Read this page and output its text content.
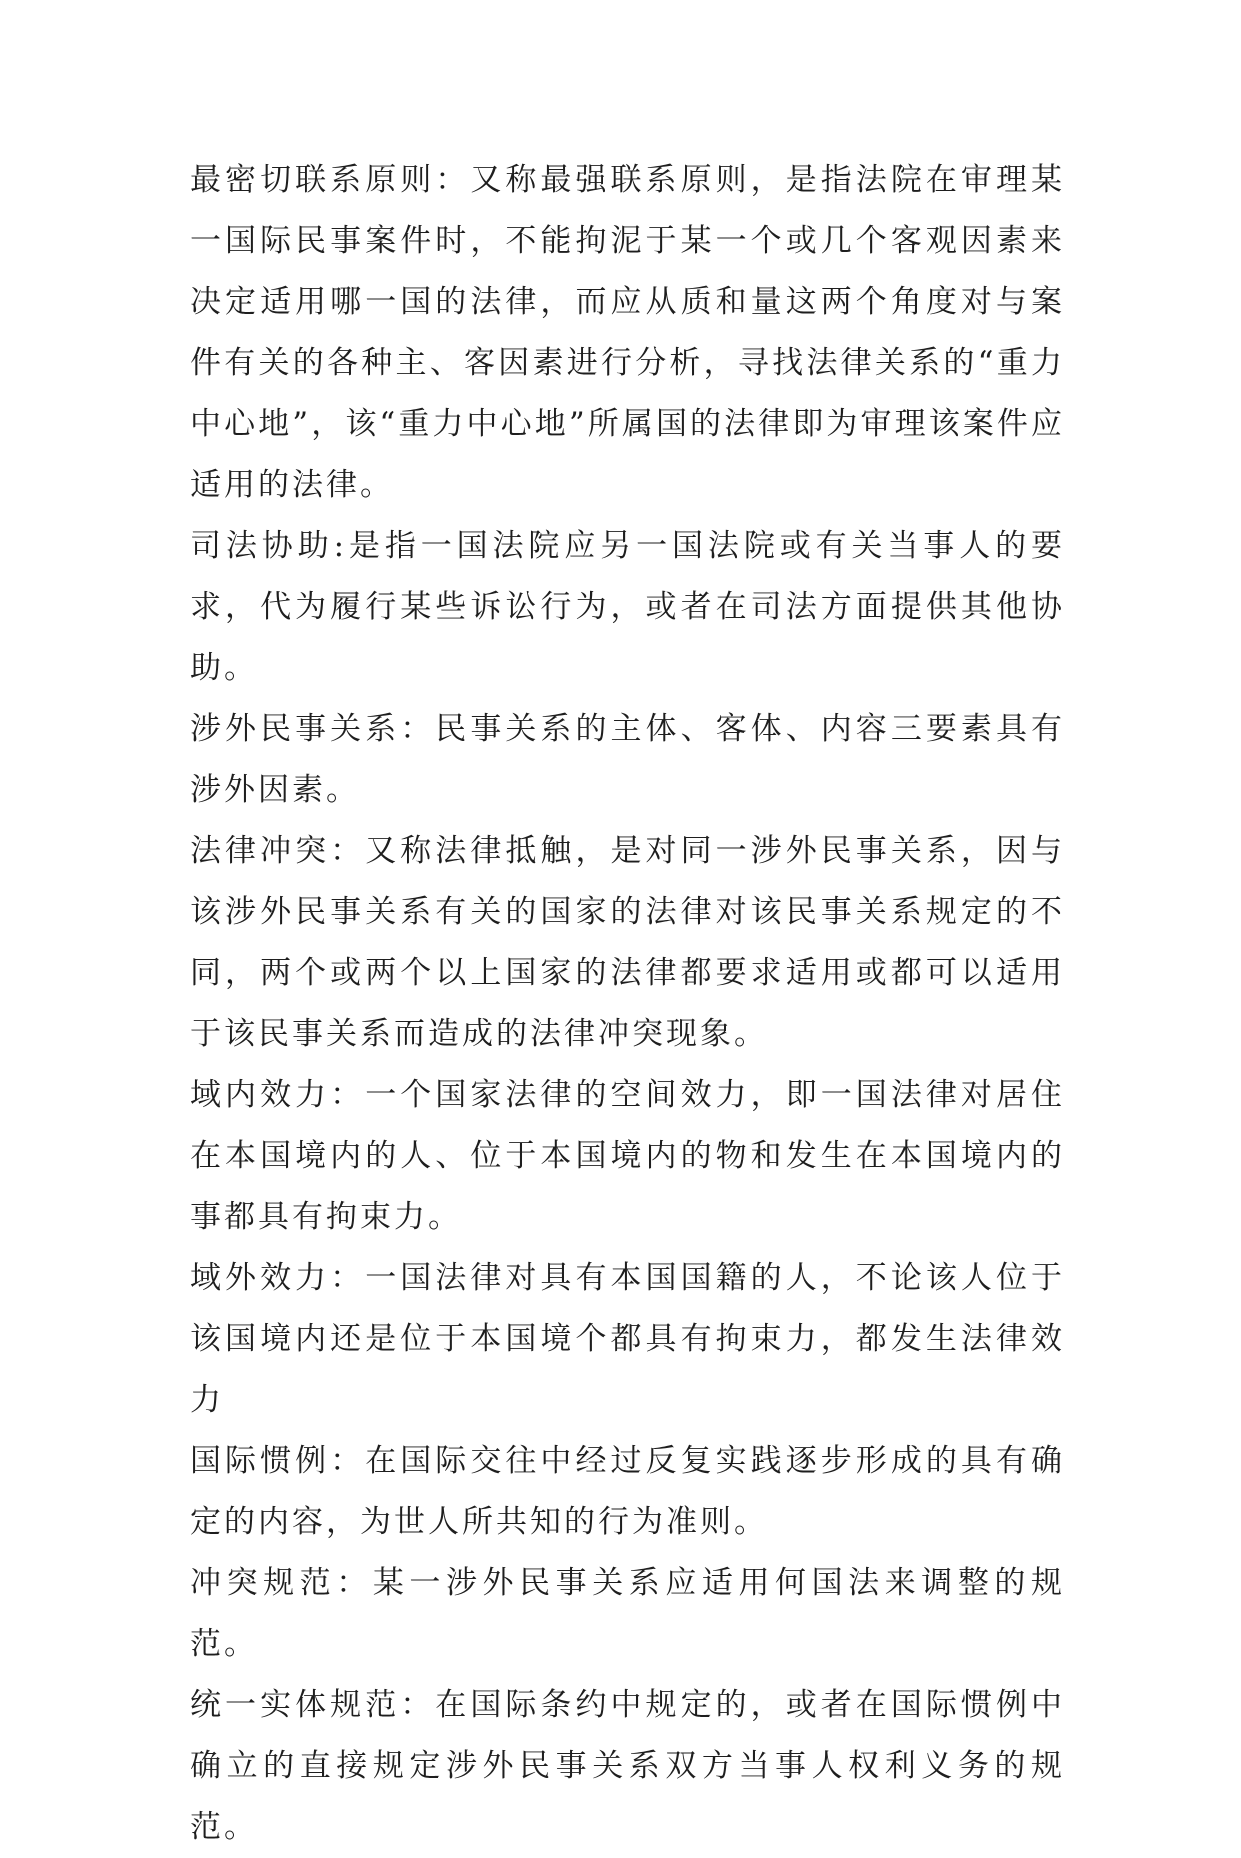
最密切联系原则：又称最强联系原则，是指法院在审理某一国际民事案件时，不能拘泥于某一个或几个客观因素来决定适用哪一国的法律，而应从质和量这两个角度对与案件有关的各种主、客因素进行分析，寻找法律关系的“重力中心地”，该“重力中心地”所属国的法律即为审理该案件应适用的法律。

司法协助:是指一国法院应另一国法院或有关当事人的要求，代为履行某些诉讼行为，或者在司法方面提供其他协助。

涉外民事关系：民事关系的主体、客体、内容三要素具有涉外因素。

法律冲突：又称法律抵触，是对同一涉外民事关系，因与该涉外民事关系有关的国家的法律对该民事关系规定的不同，两个或两个以上国家的法律都要求适用或都可以适用于该民事关系而造成的法律冲突现象。

域内效力：一个国家法律的空间效力，即一国法律对居住在本国境内的人、位于本国境内的物和发生在本国境内的事都具有拘束力。

域外效力：一国法律对具有本国国籍的人，不论该人位于该国境内还是位于本国境个都具有拘束力，都发生法律效力

国际惯例：在国际交往中经过反复实践逐步形成的具有确定的内容，为世人所共知的行为准则。

冲突规范：某一涉外民事关系应适用何国法来调整的规范。

统一实体规范：在国际条约中规定的，或者在国际惯例中确立的直接规定涉外民事关系双方当事人权利义务的规范。
